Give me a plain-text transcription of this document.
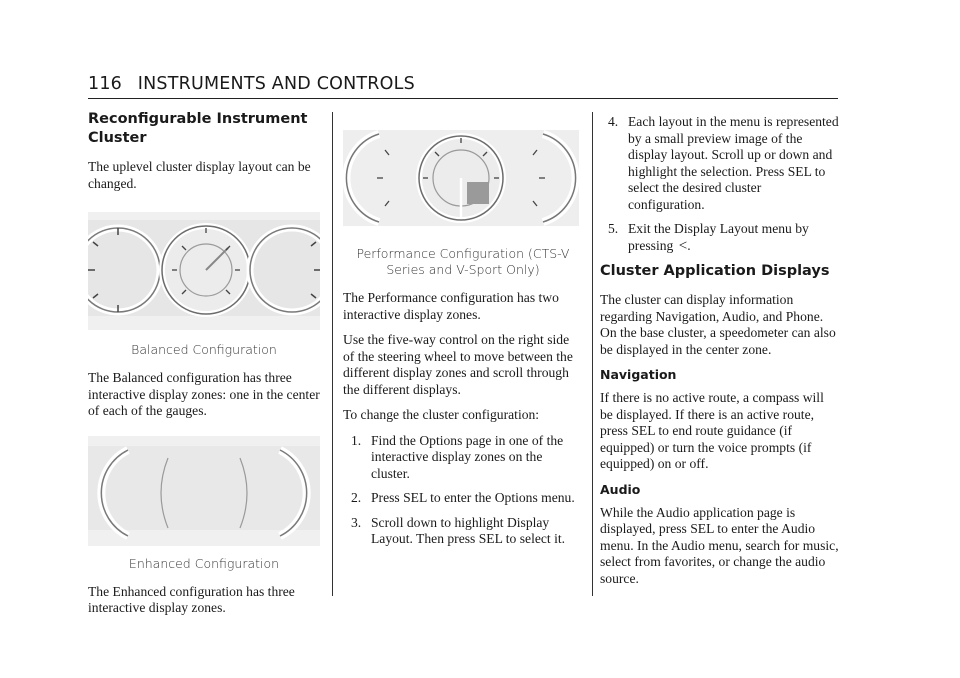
116 INSTRUMENTS AND CONTROLS
Reconfigurable Instrument Cluster

The uplevel cluster display layout can be changed.

Balanced Configuration

The Balanced configuration has three interactive display zones: one in the center of each of the gauges.

Enhanced Configuration

The Enhanced configuration has three interactive display zones.

Performance Configuration (CTS-V Series and V-Sport Only)

The Performance configuration has two interactive display zones.

Use the five-way control on the right side of the steering wheel to move between the different display zones and scroll through the different displays.

To change the cluster configuration:

1. Find the Options page in one of the interactive display zones on the cluster.
2. Press SEL to enter the Options menu.
3. Scroll down to highlight Display Layout. Then press SEL to select it.
4. Each layout in the menu is represented by a small preview image of the display layout. Scroll up or down and highlight the selection. Press SEL to select the desired cluster configuration.
5. Exit the Display Layout menu by pressing <.
Cluster Application Displays

The cluster can display information regarding Navigation, Audio, and Phone. On the base cluster, a speedometer can also be displayed in the center zone.

Navigation

If there is no active route, a compass will be displayed. If there is an active route, press SEL to end route guidance (if equipped) or turn the voice prompts (if equipped) on or off.

Audio

While the Audio application page is displayed, press SEL to enter the Audio menu. In the Audio menu, search for music, select from favorites, or change the audio source.
